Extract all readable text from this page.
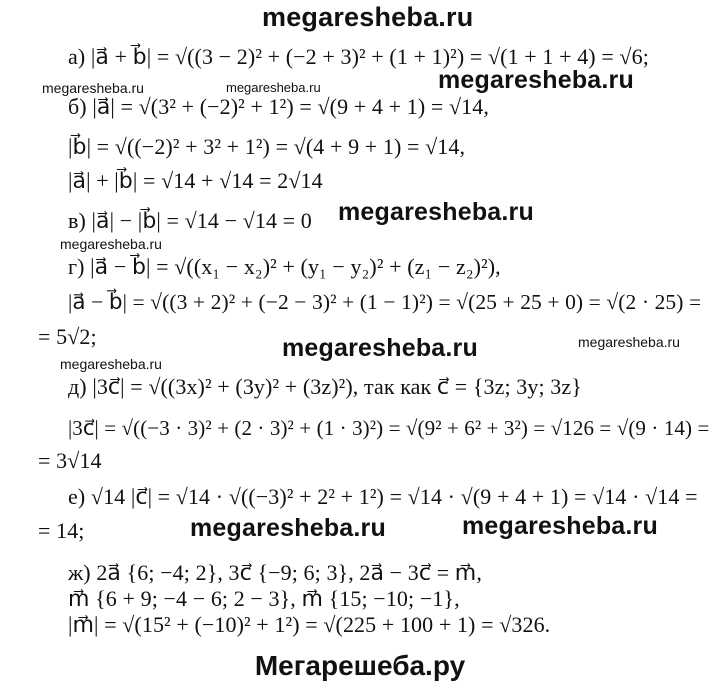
megaresheba.ru
а) |a⃗ + b⃗| = √((3 − 2)² + (−2 + 3)² + (1 + 1)²) = √(1 + 1 + 4) = √6;
б) |a⃗| = √(3² + (−2)² + 1²) = √(9 + 4 + 1) = √14,
|b⃗| = √((−2)² + 3² + 1²) = √(4 + 9 + 1) = √14,
|a⃗| + |b⃗| = √14 + √14 = 2√14
в) |a⃗| − |b⃗| = √14 − √14 = 0
г) |a⃗ − b⃗| = √((x₁ − x₂)² + (y₁ − y₂)² + (z₁ − z₂)²),
|a⃗ − b⃗| = √((3 + 2)² + (−2 − 3)² + (1 − 1)²) = √(25 + 25 + 0) = √(2 · 25) =
= 5√2;
д) |3c⃗| = √((3x)² + (3y)² + (3z)²), так как c⃗ = {3z; 3y; 3z}
|3c⃗| = √((−3 · 3)² + (2 · 3)² + (1 · 3)²) = √(9² + 6² + 3²) = √126 = √(9 · 14) =
= 3√14
е) √14 |c⃗| = √14 · √((−3)² + 2² + 1²) = √14 · √(9 + 4 + 1) = √14 · √14 =
= 14;
ж) 2a⃗ {6; −4; 2}, 3c⃗ {−9; 6; 3}, 2a⃗ − 3c⃗ = m⃗,
m⃗ {6 + 9; −4 − 6; 2 − 3}, m⃗ {15; −10; −1},
|m⃗| = √(15² + (−10)² + 1²) = √(225 + 100 + 1) = √326.
megaresheba.ru
megaresheba.ru
megaresheba.ru
megaresheba.ru	megaresheba.ru
megaresheba.ru	megaresheba.ru
megaresheba.ru
megaresheba.ru
megaresheba.ru
Мегарешеба.ру
